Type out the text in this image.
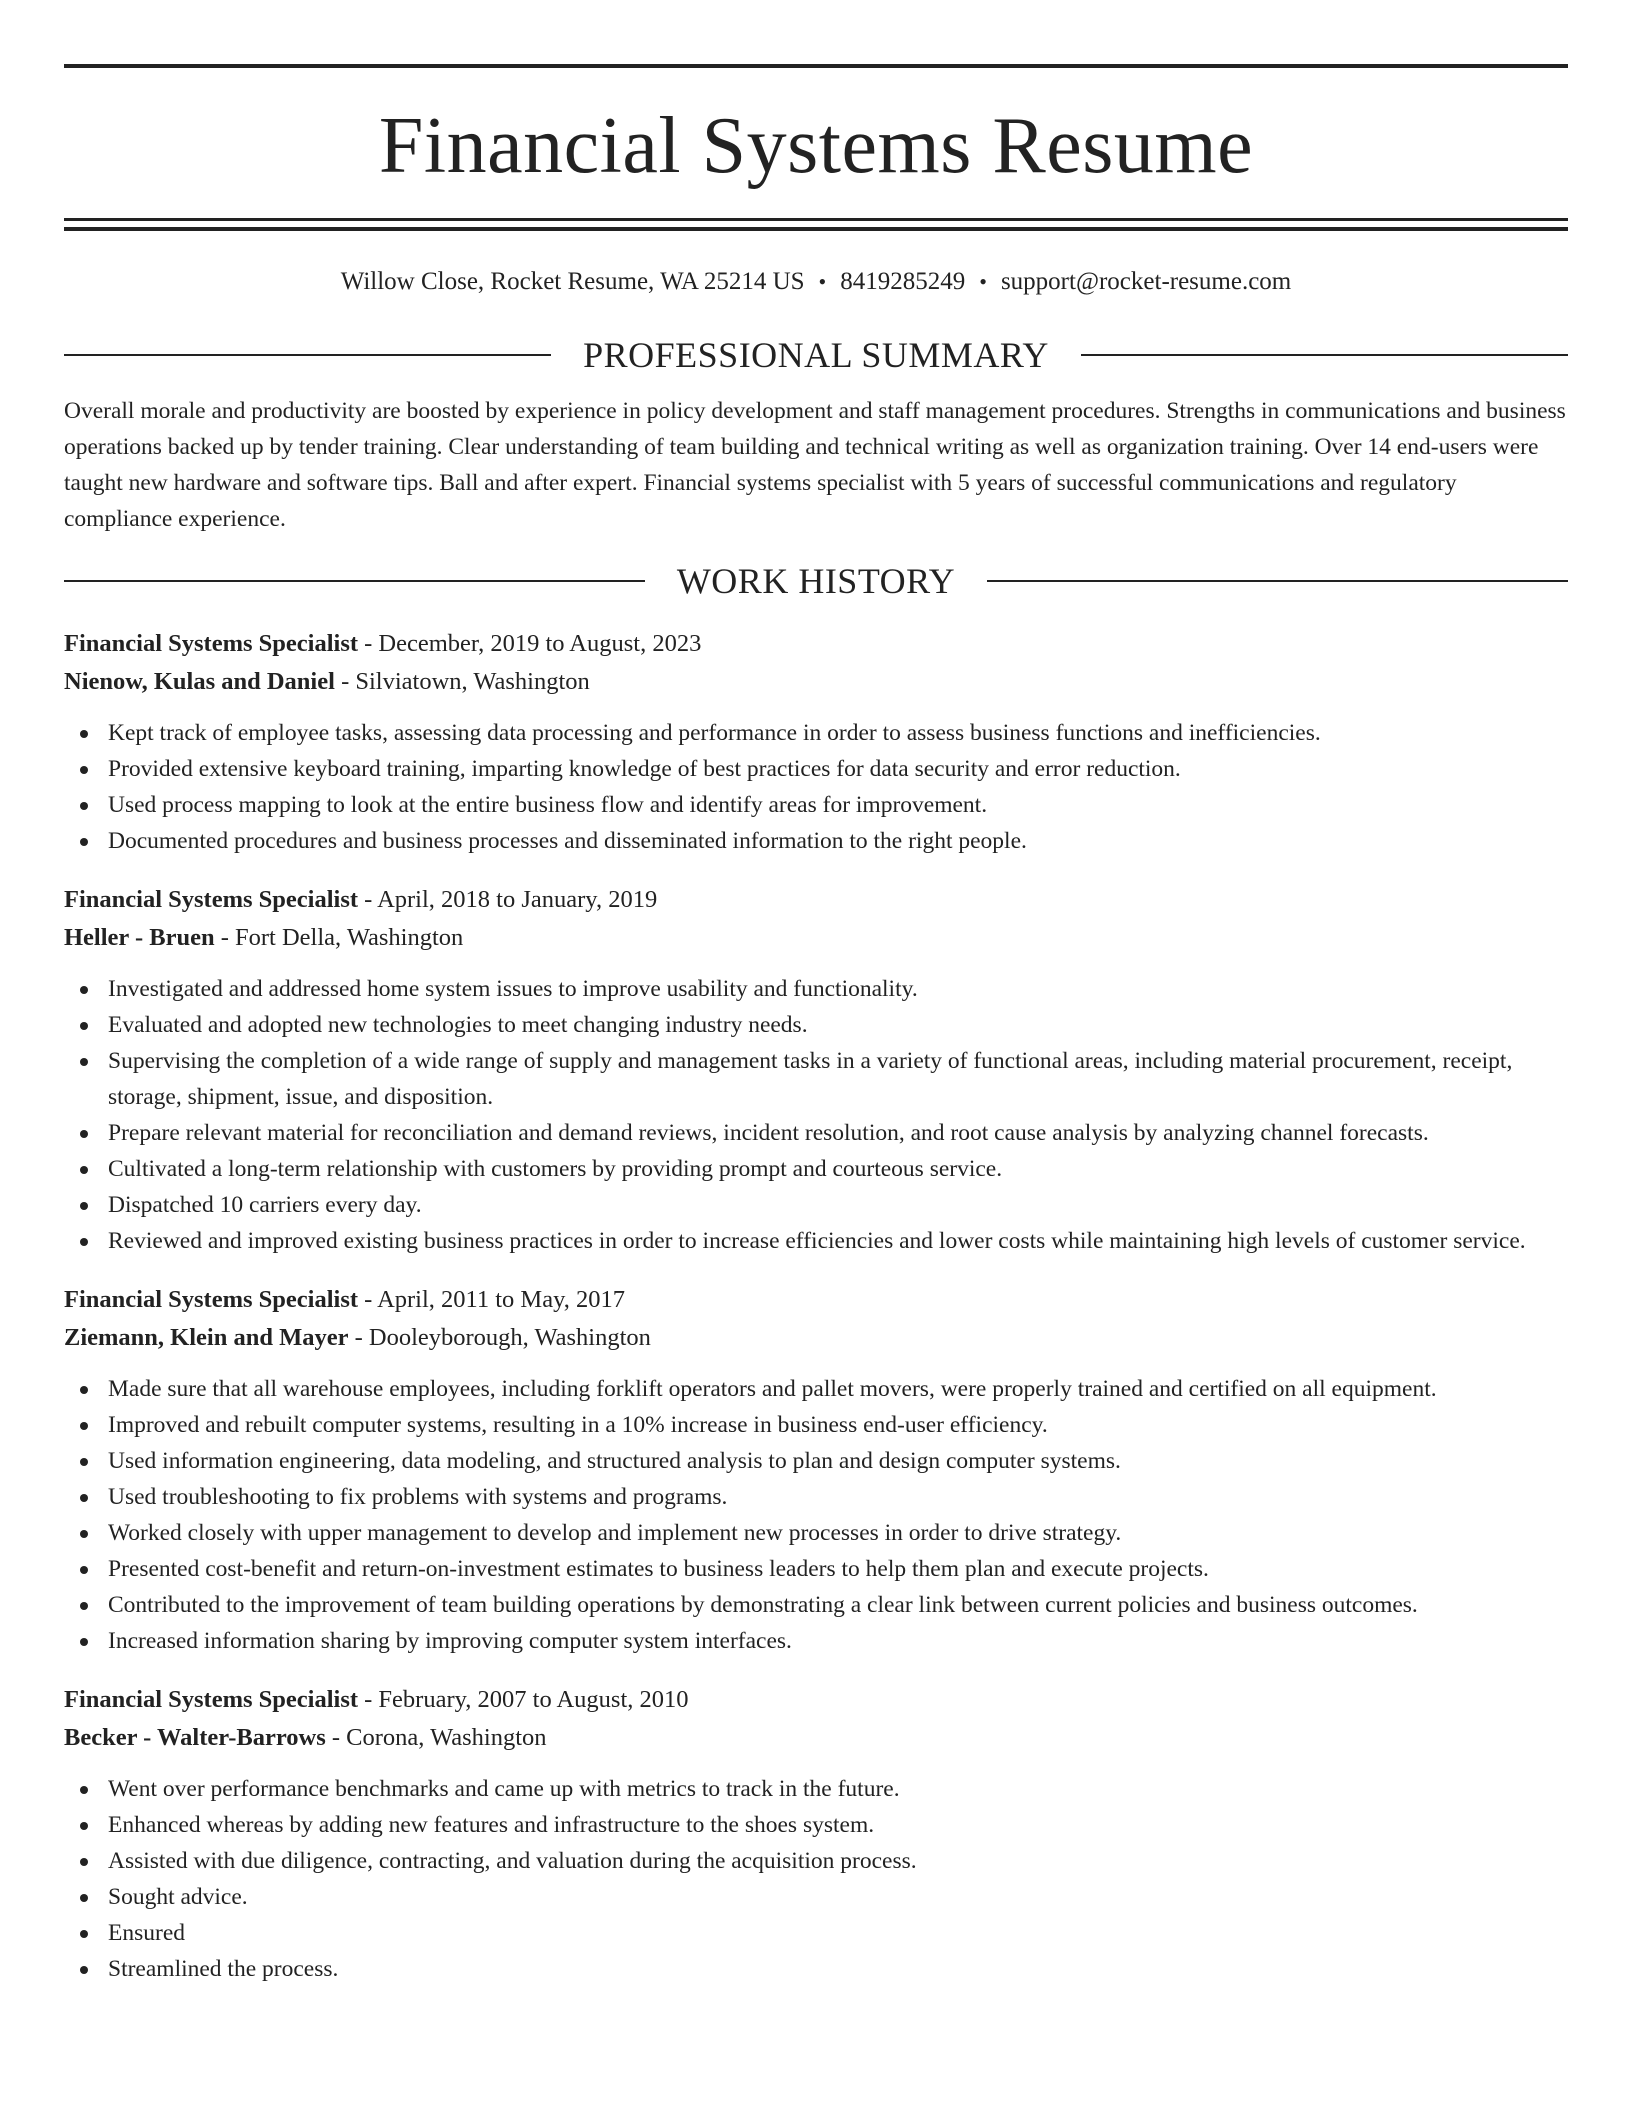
Financial Systems Resume
Willow Close, Rocket Resume, WA 25214 US • 8419285249 • support@rocket-resume.com
PROFESSIONAL SUMMARY

Overall morale and productivity are boosted by experience in policy development and staff management procedures. Strengths in communications and business operations backed up by tender training. Clear understanding of team building and technical writing as well as organization training. Over 14 end-users were taught new hardware and software tips. Ball and after expert. Financial systems specialist with 5 years of successful communications and regulatory compliance experience.

WORK HISTORY
Financial Systems Specialist - December, 2019 to August, 2023
Nienow, Kulas and Daniel - Silviatown, Washington
Kept track of employee tasks, assessing data processing and performance in order to assess business functions and inefficiencies.
Provided extensive keyboard training, imparting knowledge of best practices for data security and error reduction.
Used process mapping to look at the entire business flow and identify areas for improvement.
Documented procedures and business processes and disseminated information to the right people.
Financial Systems Specialist - April, 2018 to January, 2019
Heller - Bruen - Fort Della, Washington
Investigated and addressed home system issues to improve usability and functionality.
Evaluated and adopted new technologies to meet changing industry needs.
Supervising the completion of a wide range of supply and management tasks in a variety of functional areas, including material procurement, receipt, storage, shipment, issue, and disposition.
Prepare relevant material for reconciliation and demand reviews, incident resolution, and root cause analysis by analyzing channel forecasts.
Cultivated a long-term relationship with customers by providing prompt and courteous service.
Dispatched 10 carriers every day.
Reviewed and improved existing business practices in order to increase efficiencies and lower costs while maintaining high levels of customer service.
Financial Systems Specialist - April, 2011 to May, 2017
Ziemann, Klein and Mayer - Dooleyborough, Washington
Made sure that all warehouse employees, including forklift operators and pallet movers, were properly trained and certified on all equipment.
Improved and rebuilt computer systems, resulting in a 10% increase in business end-user efficiency.
Used information engineering, data modeling, and structured analysis to plan and design computer systems.
Used troubleshooting to fix problems with systems and programs.
Worked closely with upper management to develop and implement new processes in order to drive strategy.
Presented cost-benefit and return-on-investment estimates to business leaders to help them plan and execute projects.
Contributed to the improvement of team building operations by demonstrating a clear link between current policies and business outcomes.
Increased information sharing by improving computer system interfaces.
Financial Systems Specialist - February, 2007 to August, 2010
Becker - Walter-Barrows - Corona, Washington
Went over performance benchmarks and came up with metrics to track in the future.
Enhanced whereas by adding new features and infrastructure to the shoes system.
Assisted with due diligence, contracting, and valuation during the acquisition process.
Sought advice.
Ensured
Streamlined the process.
